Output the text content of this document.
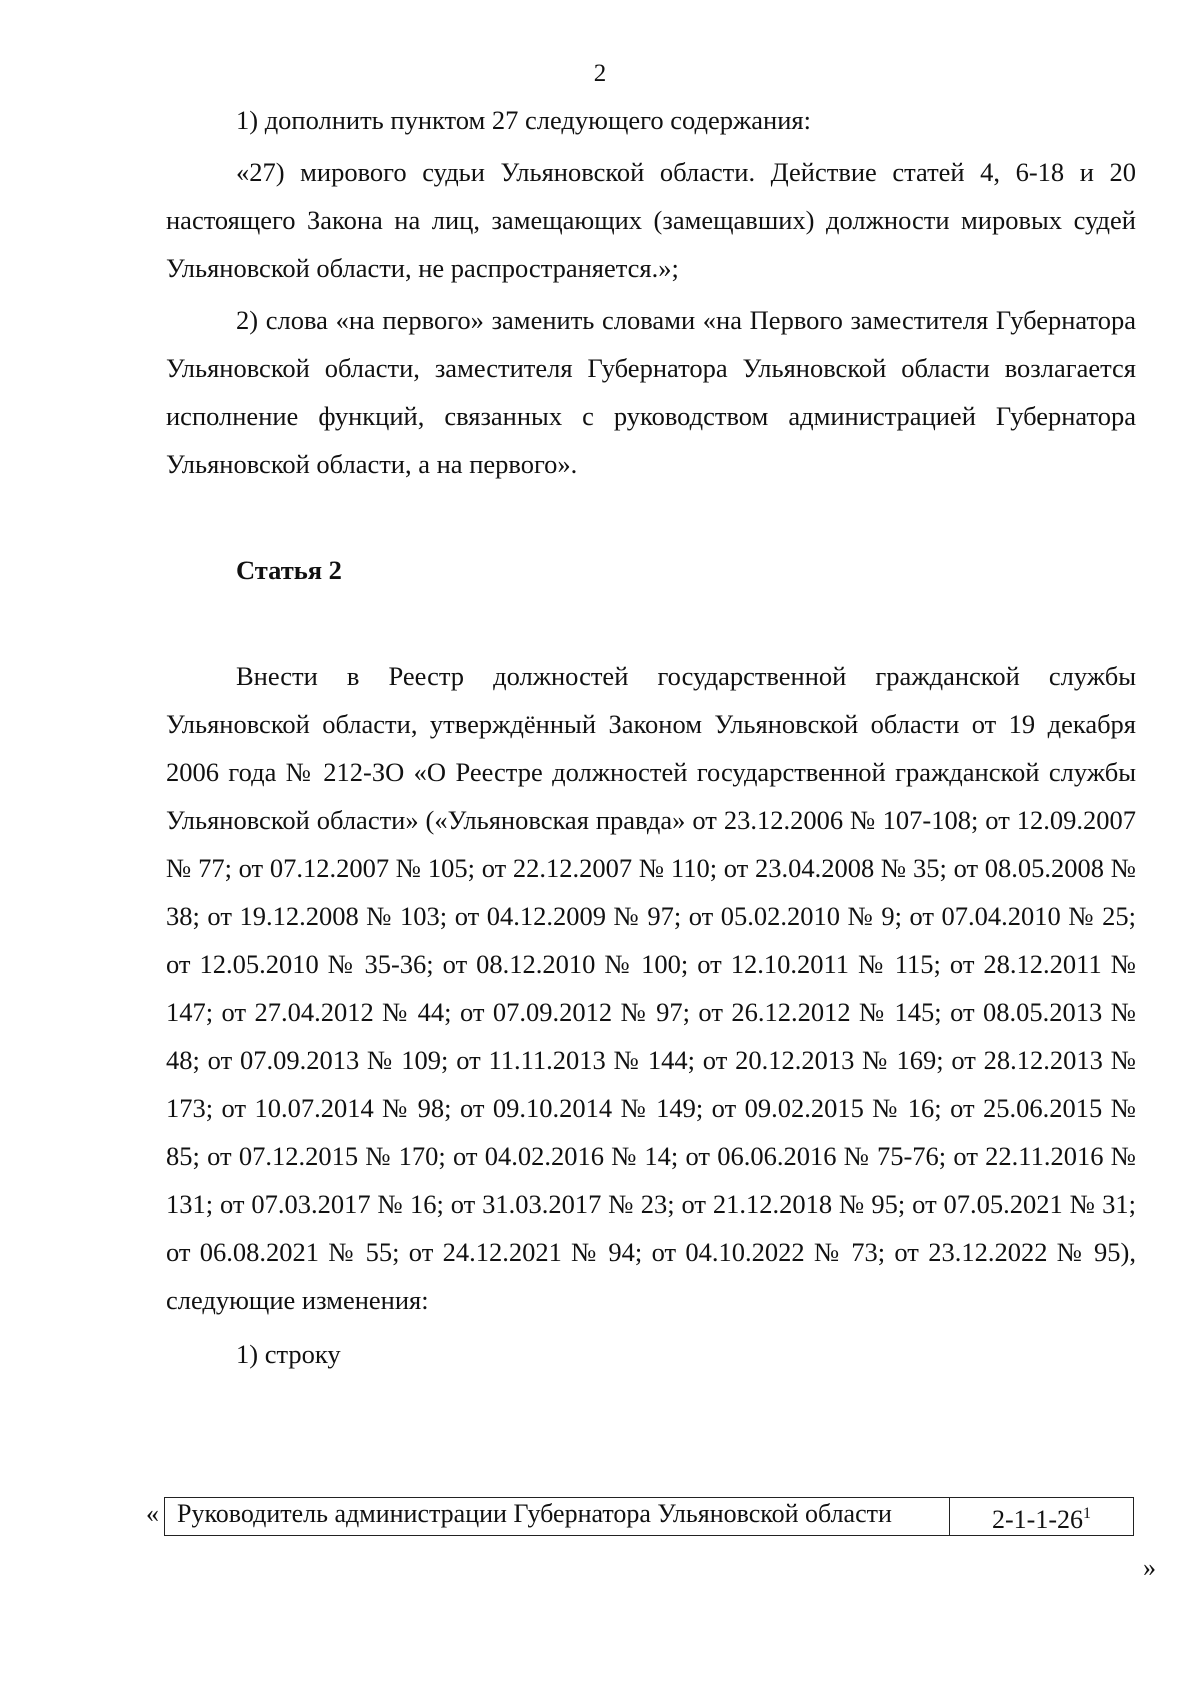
2

1) дополнить пунктом 27 следующего содержания:

«27) мирового судьи Ульяновской области. Действие статей 4, 6-18 и 20 настоящего Закона на лиц, замещающих (замещавших) должности мировых судей Ульяновской области, не распространяется.»;

2) слова «на первого» заменить словами «на Первого заместителя Губернатора Ульяновской области, заместителя Губернатора Ульяновской области возлагается исполнение функций, связанных с руководством администрацией Губернатора Ульяновской области, а на первого».

Статья 2

Внести в Реестр должностей государственной гражданской службы Ульяновской области, утверждённый Законом Ульяновской области от 19 декабря 2006 года № 212-ЗО «О Реестре должностей государственной гражданской службы Ульяновской области» («Ульяновская правда» от 23.12.2006 № 107-108; от 12.09.2007 № 77; от 07.12.2007 № 105; от 22.12.2007 № 110; от 23.04.2008 № 35; от 08.05.2008 № 38; от 19.12.2008 № 103; от 04.12.2009 № 97; от 05.02.2010 № 9; от 07.04.2010 № 25; от 12.05.2010 № 35-36; от 08.12.2010 № 100; от 12.10.2011 № 115; от 28.12.2011 № 147; от 27.04.2012 № 44; от 07.09.2012 № 97; от 26.12.2012 № 145; от 08.05.2013 № 48; от 07.09.2013 № 109; от 11.11.2013 № 144; от 20.12.2013 № 169; от 28.12.2013 № 173; от 10.07.2014 № 98; от 09.10.2014 № 149; от 09.02.2015 № 16; от 25.06.2015 № 85; от 07.12.2015 № 170; от 04.02.2016 № 14; от 06.06.2016 № 75-76; от 22.11.2016 № 131; от 07.03.2017 № 16; от 31.03.2017 № 23; от 21.12.2018 № 95; от 07.05.2021 № 31; от 06.08.2021 № 55; от 24.12.2021 № 94; от 04.10.2022 № 73; от 23.12.2022 № 95), следующие изменения:

1) строку

« Руководитель администрации Губернатора Ульяновской области	$2-1-1-26^1$
»
